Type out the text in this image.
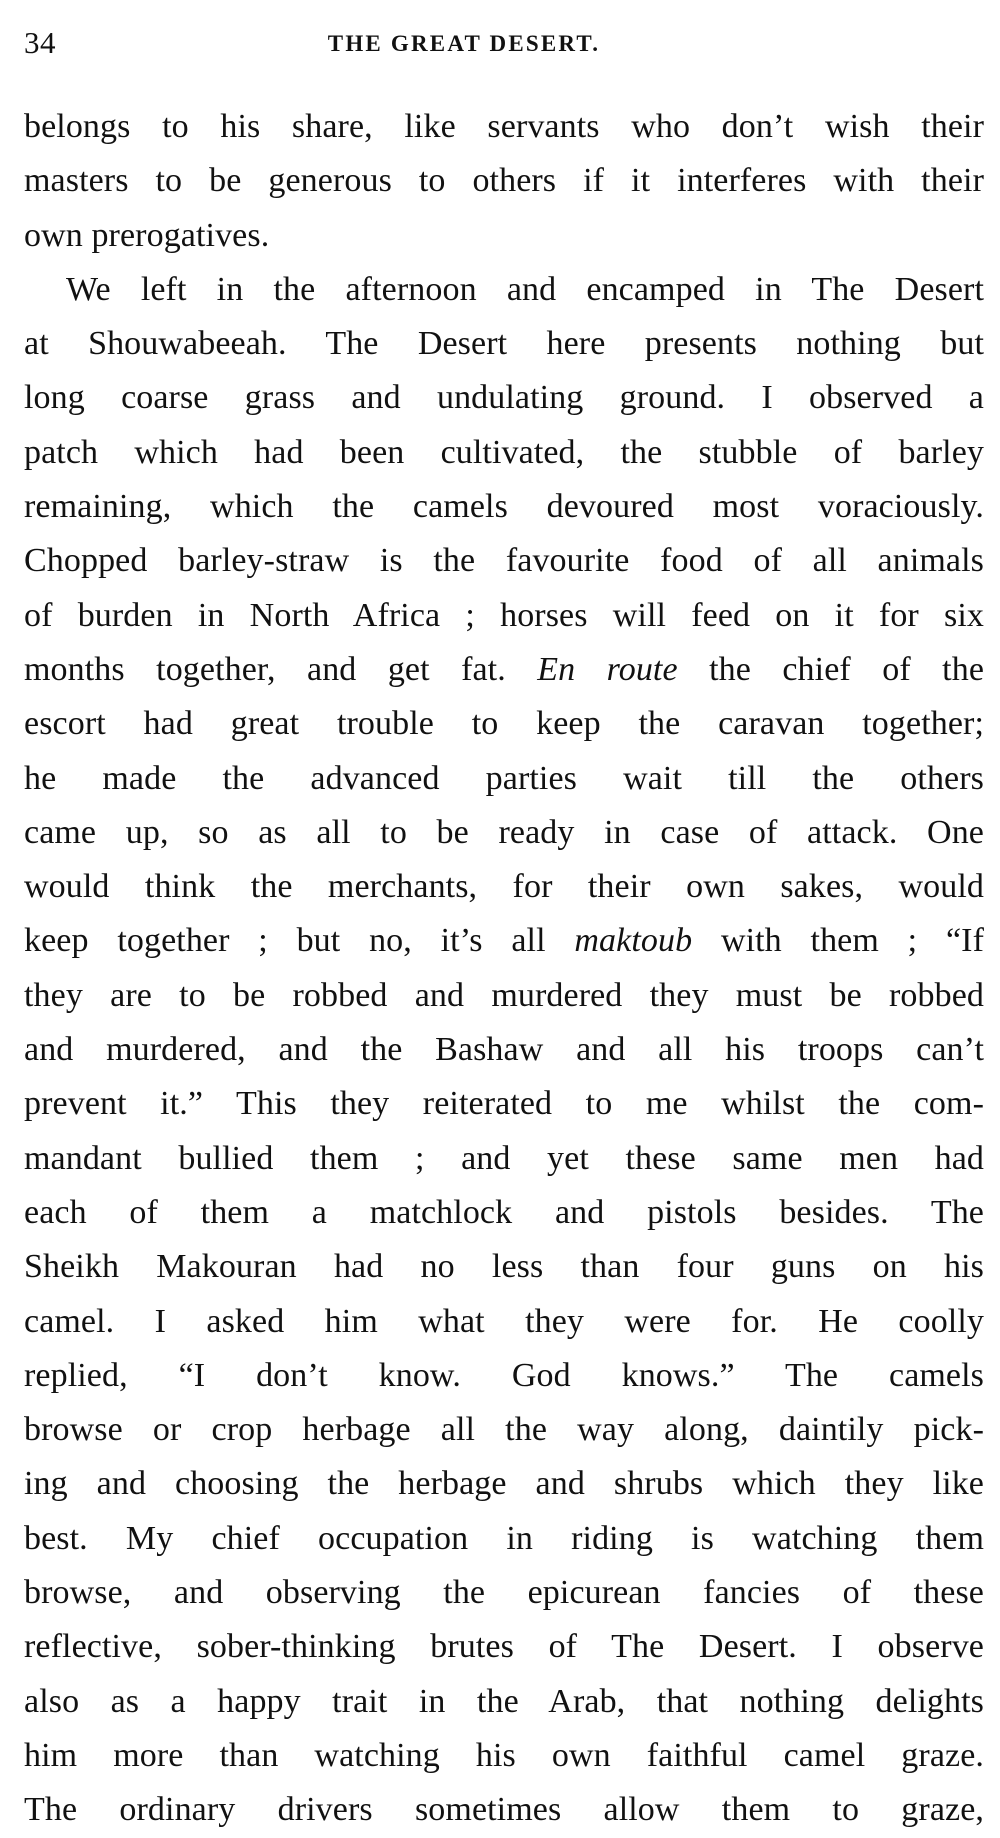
34	THE GREAT DESERT.
belongs to his share, like servants who don’t wish their
masters to be generous to others if it interferes with their
own prerogatives.
We left in the afternoon and encamped in The Desert
at Shouwabeeah. The Desert here presents nothing but
long coarse grass and undulating ground. I observed a
patch which had been cultivated, the stubble of barley
remaining, which the camels devoured most voraciously.
Chopped barley-straw is the favourite food of all animals
of burden in North Africa ; horses will feed on it for six
months together, and get fat. En route the chief of the
escort had great trouble to keep the caravan together;
he made the advanced parties wait till the others
came up, so as all to be ready in case of attack. One
would think the merchants, for their own sakes, would
keep together ; but no, it’s all maktoub with them ; “If
they are to be robbed and murdered they must be robbed
and murdered, and the Bashaw and all his troops can’t
prevent it.” This they reiterated to me whilst the com-
mandant bullied them ; and yet these same men had
each of them a matchlock and pistols besides. The
Sheikh Makouran had no less than four guns on his
camel. I asked him what they were for. He coolly
replied, “I don’t know. God knows.” The camels
browse or crop herbage all the way along, daintily pick-
ing and choosing the herbage and shrubs which they like
best. My chief occupation in riding is watching them
browse, and observing the epicurean fancies of these
reflective, sober-thinking brutes of The Desert. I observe
also as a happy trait in the Arab, that nothing delights
him more than watching his own faithful camel graze.
The ordinary drivers sometimes allow them to graze,
